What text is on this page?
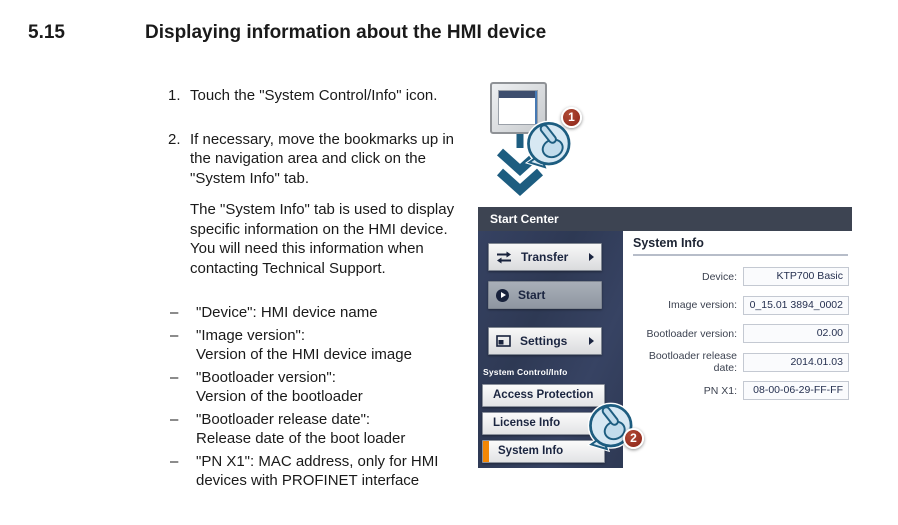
5.15	Displaying information about the HMI device
1. Touch the "System Control/Info" icon.
2. If necessary, move the bookmarks up in the navigation area and click on the "System Info" tab.
The "System Info" tab is used to display specific information on the HMI device. You will need this information when contacting Technical Support.
–	"Device": HMI device name
–	"Image version":
Version of the HMI device image
–	"Bootloader version":
Version of the bootloader
–	"Bootloader release date":
Release date of the boot loader
–	"PN X1": MAC address, only for HMI devices with PROFINET interface
Start Center
Transfer
Start
Settings
System Control/Info
Access Protection
License Info
System Info
System Info
Device:	KTP700 Basic
Image version:	0_15.01 3894_0002
Bootloader version:	02.00
Bootloader release date:
2014.01.03
PN X1:	08-00-06-29-FF-FF
1
2
